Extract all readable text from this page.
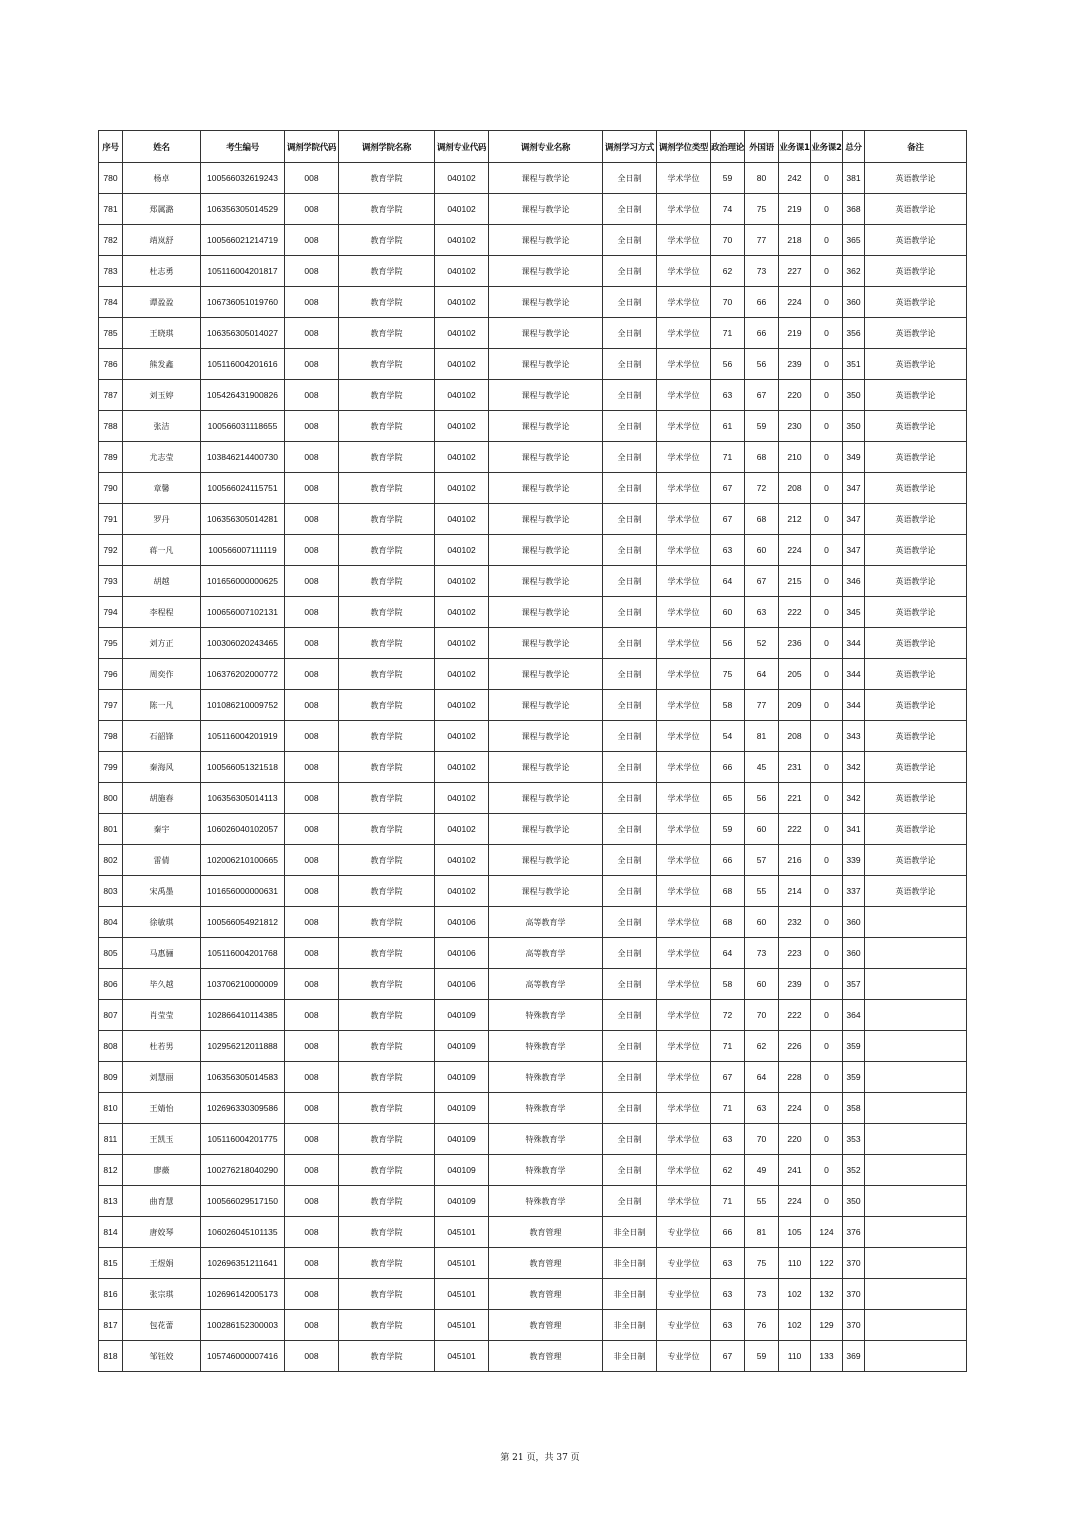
序号	姓名	考生编号	调剂学院代码	调剂学院名称	调剂专业代码	调剂专业名称	调剂学习方式	调剂学位类型	政治理论	外国语	业务课1	业务课2	总分	备注
780	杨卓	100566032619243	008	教育学院	040102	课程与教学论	全日制	学术学位	59	80	242	0	381	英语教学论
781	郑属潞	106356305014529	008	教育学院	040102	课程与教学论	全日制	学术学位	74	75	219	0	368	英语教学论
782	靖岚舒	100566021214719	008	教育学院	040102	课程与教学论	全日制	学术学位	70	77	218	0	365	英语教学论
783	杜志勇	105116004201817	008	教育学院	040102	课程与教学论	全日制	学术学位	62	73	227	0	362	英语教学论
784	谭盈盈	106736051019760	008	教育学院	040102	课程与教学论	全日制	学术学位	70	66	224	0	360	英语教学论
785	王晓琪	106356305014027	008	教育学院	040102	课程与教学论	全日制	学术学位	71	66	219	0	356	英语教学论
786	熊发鑫	105116004201616	008	教育学院	040102	课程与教学论	全日制	学术学位	56	56	239	0	351	英语教学论
787	刘玉婷	105426431900826	008	教育学院	040102	课程与教学论	全日制	学术学位	63	67	220	0	350	英语教学论
788	张洁	100566031118655	008	教育学院	040102	课程与教学论	全日制	学术学位	61	59	230	0	350	英语教学论
789	尤志莹	103846214400730	008	教育学院	040102	课程与教学论	全日制	学术学位	71	68	210	0	349	英语教学论
790	章馨	100566024115751	008	教育学院	040102	课程与教学论	全日制	学术学位	67	72	208	0	347	英语教学论
791	罗丹	106356305014281	008	教育学院	040102	课程与教学论	全日制	学术学位	67	68	212	0	347	英语教学论
792	蒋一凡	100566007111119	008	教育学院	040102	课程与教学论	全日制	学术学位	63	60	224	0	347	英语教学论
793	胡越	101656000000625	008	教育学院	040102	课程与教学论	全日制	学术学位	64	67	215	0	346	英语教学论
794	李程程	100656007102131	008	教育学院	040102	课程与教学论	全日制	学术学位	60	63	222	0	345	英语教学论
795	刘方正	100306020243465	008	教育学院	040102	课程与教学论	全日制	学术学位	56	52	236	0	344	英语教学论
796	周奕作	106376202000772	008	教育学院	040102	课程与教学论	全日制	学术学位	75	64	205	0	344	英语教学论
797	陈一凡	101086210009752	008	教育学院	040102	课程与教学论	全日制	学术学位	58	77	209	0	344	英语教学论
798	石韶锋	105116004201919	008	教育学院	040102	课程与教学论	全日制	学术学位	54	81	208	0	343	英语教学论
799	秦海风	100566051321518	008	教育学院	040102	课程与教学论	全日制	学术学位	66	45	231	0	342	英语教学论
800	胡施春	106356305014113	008	教育学院	040102	课程与教学论	全日制	学术学位	65	56	221	0	342	英语教学论
801	秦宇	106026040102057	008	教育学院	040102	课程与教学论	全日制	学术学位	59	60	222	0	341	英语教学论
802	雷倩	102006210100665	008	教育学院	040102	课程与教学论	全日制	学术学位	66	57	216	0	339	英语教学论
803	宋禹墨	101656000000631	008	教育学院	040102	课程与教学论	全日制	学术学位	68	55	214	0	337	英语教学论
804	徐敏琪	100566054921812	008	教育学院	040106	高等教育学	全日制	学术学位	68	60	232	0	360	
805	马惠骊	105116004201768	008	教育学院	040106	高等教育学	全日制	学术学位	64	73	223	0	360	
806	毕久越	103706210000009	008	教育学院	040106	高等教育学	全日制	学术学位	58	60	239	0	357	
807	肖莹莹	102866410114385	008	教育学院	040109	特殊教育学	全日制	学术学位	72	70	222	0	364	
808	杜若男	102956212011888	008	教育学院	040109	特殊教育学	全日制	学术学位	71	62	226	0	359	
809	刘慧丽	106356305014583	008	教育学院	040109	特殊教育学	全日制	学术学位	67	64	228	0	359	
810	王婧怡	102696330309586	008	教育学院	040109	特殊教育学	全日制	学术学位	71	63	224	0	358	
811	王凯玉	105116004201775	008	教育学院	040109	特殊教育学	全日制	学术学位	63	70	220	0	353	
812	廖薇	100276218040290	008	教育学院	040109	特殊教育学	全日制	学术学位	62	49	241	0	352	
813	曲育慧	100566029517150	008	教育学院	040109	特殊教育学	全日制	学术学位	71	55	224	0	350	
814	唐姣琴	106026045101135	008	教育学院	045101	教育管理	非全日制	专业学位	66	81	105	124	376	
815	王煜娟	102696351211641	008	教育学院	045101	教育管理	非全日制	专业学位	63	75	110	122	370	
816	张宗琪	102696142005173	008	教育学院	045101	教育管理	非全日制	专业学位	63	73	102	132	370	
817	包花蕾	100286152300003	008	教育学院	045101	教育管理	非全日制	专业学位	63	76	102	129	370	
818	邹钰姣	105746000007416	008	教育学院	045101	教育管理	非全日制	专业学位	67	59	110	133	369	
第 21 页，共 37 页
